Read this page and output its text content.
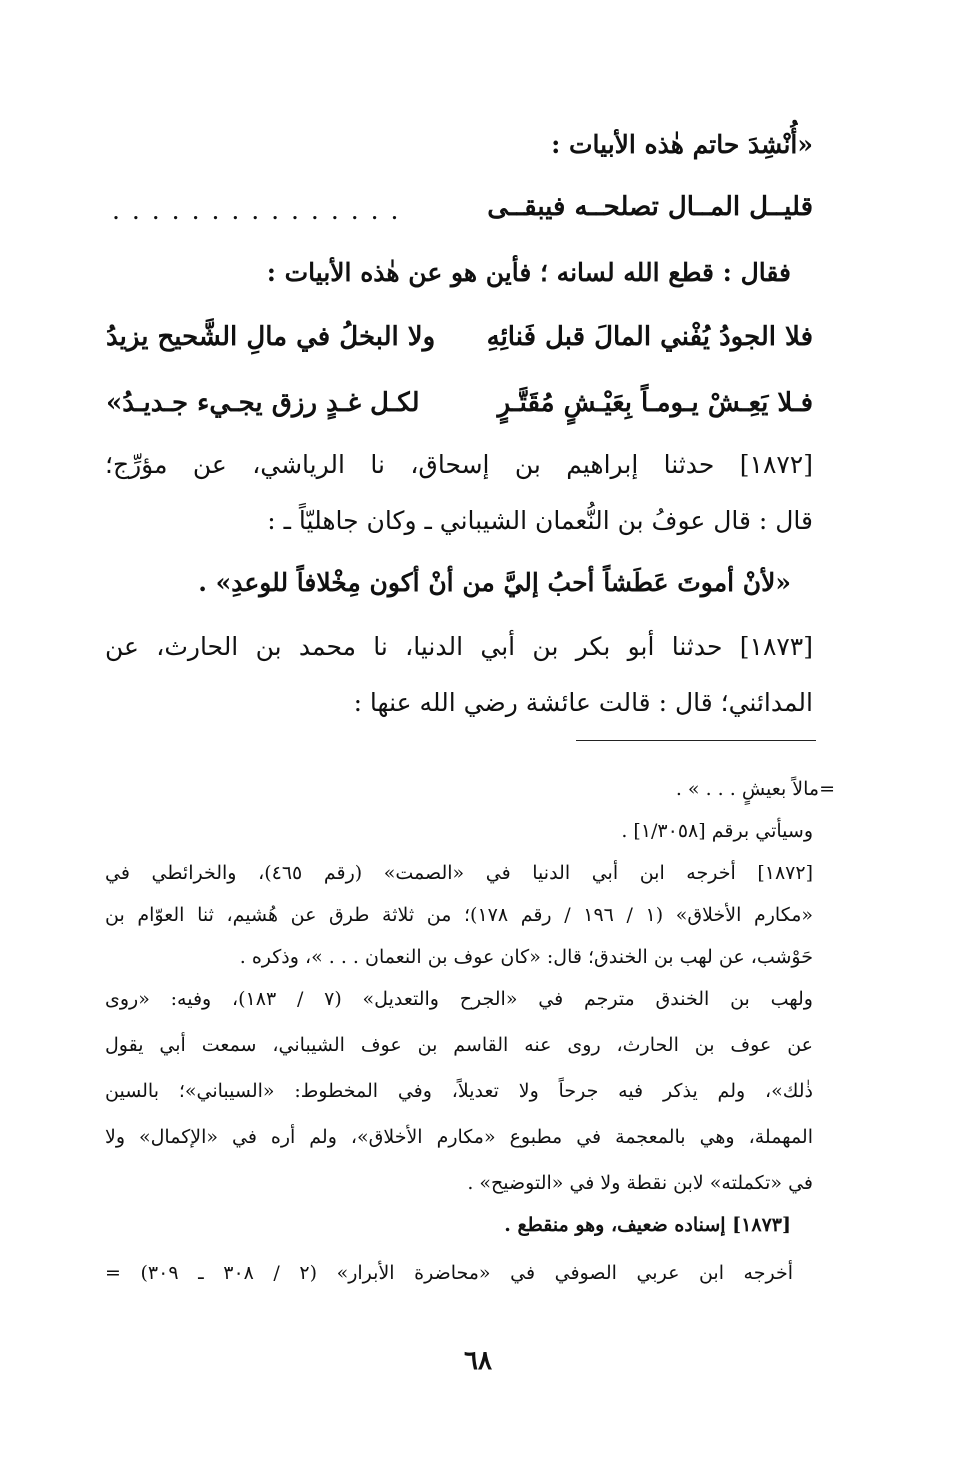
«أُنْشِدَ حاتم هٰذه الأبيات :
قليــل المــال تصلحــه فيبقــى
. . . . . . . . . . . . . . .
فقال : قطع الله لسانه ؛ فأين هو عن هٰذه الأبيات :
فلا الجودُ يُفْني المالَ قبل فَنائِهِ
ولا البخلُ في مالِ الشَّحيح يزيدُ
فـلا يَعِـشْ يـومـاً بِعَيْـشٍ مُقَتَّـرٍ
لكـل غـدٍ رزق يجـيء جـديـدُ»
[١٨٧٢] حدثنا إبراهيم بن إسحاق، نا الرياشي، عن مؤرِّج؛
قال : قال عوفُ بن النُّعمان الشيباني ـ وكان جاهليّاً ـ :
«لأنْ أموتَ عَطَشاً أحبُ إليَّ من أنْ أكون مِخْلافاً للوعدِ» .
[١٨٧٣] حدثنا أبو بكر بن أبي الدنيا، نا محمد بن الحارث، عن
المدائني؛ قال : قالت عائشة رضي الله عنها :
=مالاً بعيشٍ . . . » .
وسيأتي برقم [١/٣٠٥٨] .
[١٨٧٢] أخرجه ابن أبي الدنيا في «الصمت» (رقم ٤٦٥)، والخرائطي في
«مكارم الأخلاق» (١ / ١٩٦ / رقم ١٧٨)؛ من ثلاثة طرق عن هُشيم، ثنا العوّام بن
حَوْشب، عن لهب بن الخندق؛ قال: «كان عوف بن النعمان . . . »، وذكره .
ولهب بن الخندق مترجم في «الجرح والتعديل» (٧ / ١٨٣)، وفيه: «روى
عن عوف بن الحارث، روى عنه القاسم بن عوف الشيباني، سمعت أبي يقول
ذٰلك»، ولم يذكر فيه جرحاً ولا تعديلاً، وفي المخطوط: «السيباني»؛ بالسين
المهملة، وهي بالمعجمة في مطبوع «مكارم الأخلاق»، ولم أره في «الإكمال» ولا
في «تكملته» لابن نقطة ولا في «التوضيح» .
[١٨٧٣] إسناده ضعيف، وهو منقطع .
أخرجه ابن عربي الصوفي في «محاضرة الأبرار» (٢ / ٣٠٨ ـ ٣٠٩) =
٦٨
